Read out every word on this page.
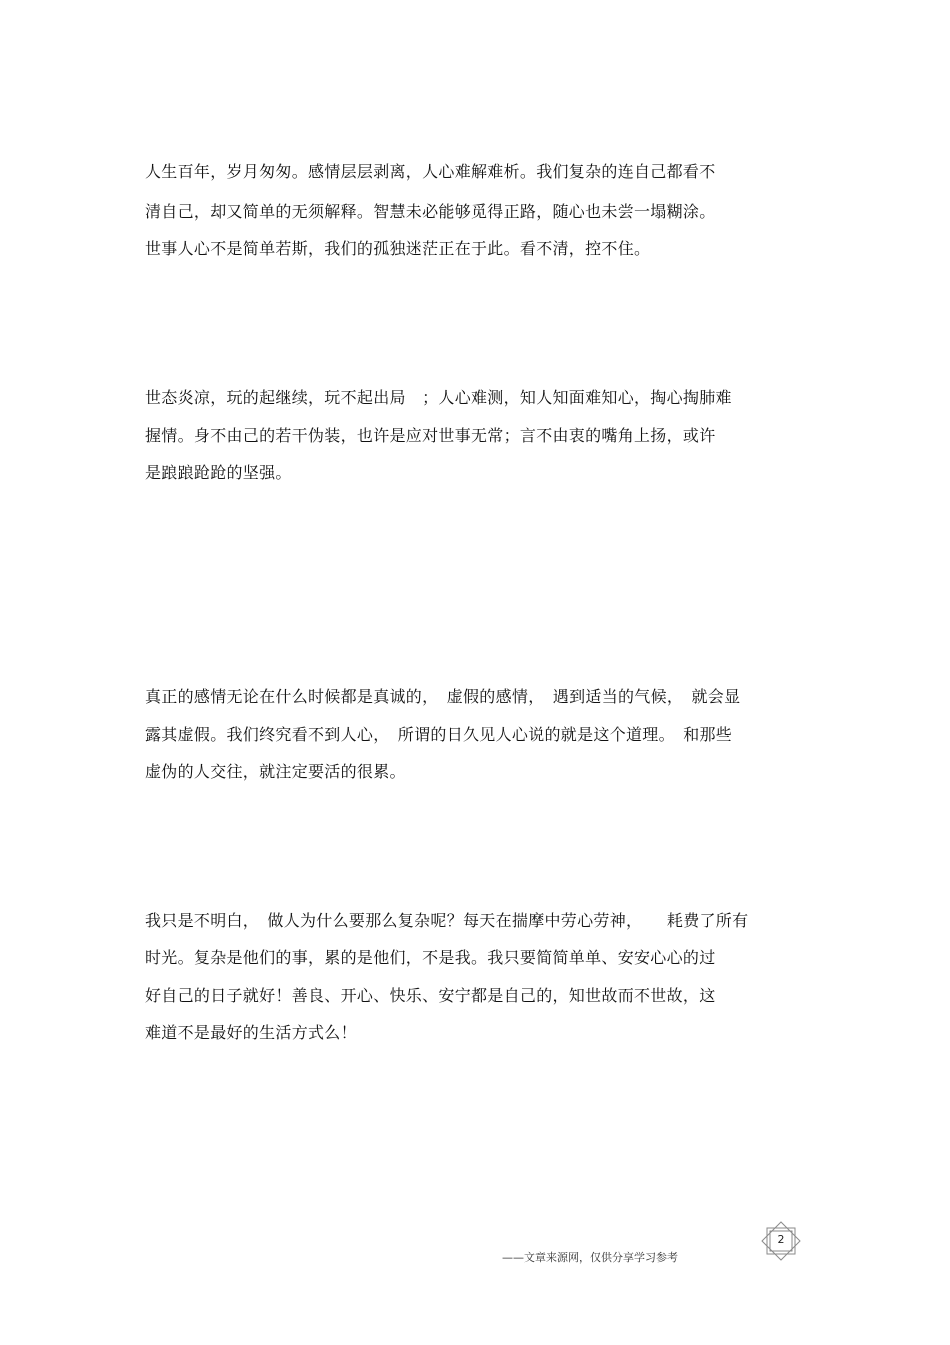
人生百年，岁月匆匆。感情层层剥离，人心难解难析。我们复杂的连自己都看不
清自己，却又简单的无须解释。智慧未必能够觅得正路，随心也未尝一塌糊涂。
世事人心不是简单若斯，我们的孤独迷茫正在于此。看不清，控不住。
世态炎凉，玩的起继续，玩不起出局　；人心难测，知人知面难知心，掏心掏肺难
握情。身不由己的若干伪装，也许是应对世事无常；言不由衷的嘴角上扬，或许
是踉踉跄跄的坚强。
真正的感情无论在什么时候都是真诚的，　虚假的感情，　遇到适当的气候，　就会显
露其虚假。我们终究看不到人心，　所谓的日久见人心说的就是这个道理。　和那些
虚伪的人交往，就注定要活的很累。
我只是不明白，　做人为什么要那么复杂呢？每天在揣摩中劳心劳神，　　耗费了所有
时光。复杂是他们的事，累的是他们，不是我。我只要简简单单、安安心心的过
好自己的日子就好！善良、开心、快乐、安宁都是自己的，知世故而不世故，这
难道不是最好的生活方式么！
——文章来源网，仅供分享学习参考
2
